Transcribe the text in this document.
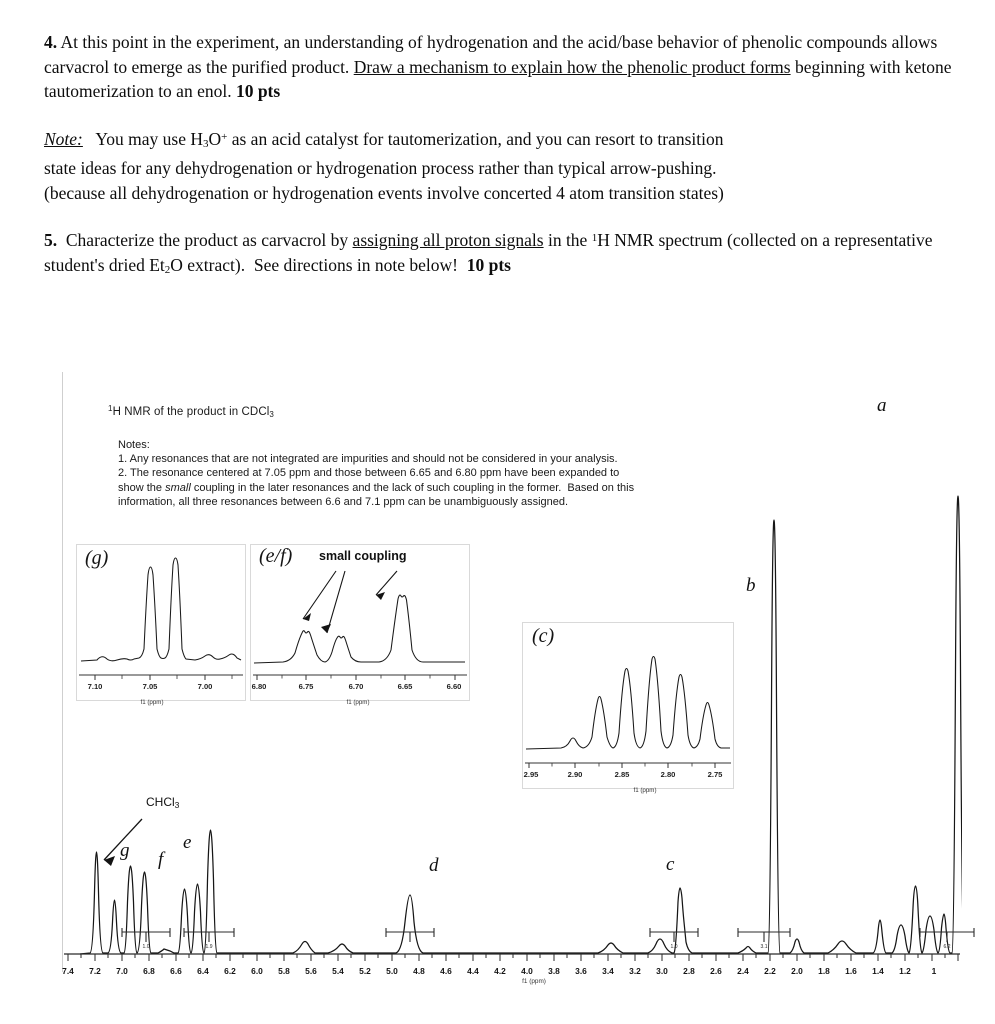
4. At this point in the experiment, an understanding of hydrogenation and the acid/base behavior of phenolic compounds allows carvacrol to emerge as the purified product. Draw a mechanism to explain how the phenolic product forms beginning with ketone tautomerization to an enol. 10 pts
Note:   You may use $H_3O^+$ as an acid catalyst for tautomerization, and you can resort to transition
state ideas for any dehydrogenation or hydrogenation process rather than typical arrow-pushing.
(because all dehydrogenation or hydrogenation events involve concerted 4 atom transition states)
5.  Characterize the product as carvacrol by assigning all proton signals in the $^1$H NMR spectrum (collected on a representative student's dried $Et_2O$ extract).  See directions in note below!  10 pts
$^1$H NMR of the product in CDCl$_3$
Notes:
1. Any resonances that are not integrated are impurities and should not be considered in your analysis.
2. The resonance centered at 7.05 ppm and those between 6.65 and 6.80 ppm have been expanded to
show the small coupling in the later resonances and the lack of such coupling in the former.  Based on this
information, all three resonances between 6.6 and 7.1 ppm can be unambiguously assigned.
(g)
7.10	7.05	7.00
f1 (ppm)
(e/f) small coupling
6.80	6.75	6.70	6.65	6.60
f1 (ppm)
(c)
2.95	2.90	2.85	2.80	2.75
f1 (ppm)
a
b
c
d
e
f
g
CHCl$_3$
1.0	1.9	1.0	3.1	6.2
7.4 7.2 7.0 6.8 6.6 6.4 6.2 6.0 5.8 5.6 5.4 5.2 5.0 4.8 4.6 4.4 4.2 4.0 3.8 3.6 3.4 3.2 3.0 2.8 2.6 2.4 2.2 2.0 1.8 1.6 1.4 1.2 1
f1 (ppm)
